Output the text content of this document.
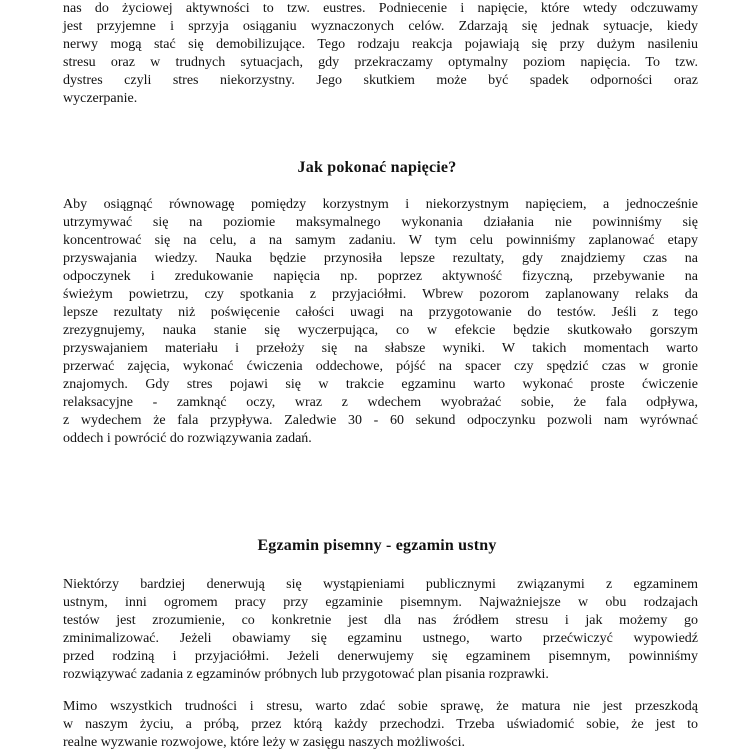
nas do życiowej aktywności to tzw. eustres. Podniecenie i napięcie, które wtedy odczuwamy
jest przyjemne i sprzyja osiąganiu wyznaczonych celów. Zdarzają się jednak sytuacje, kiedy
nerwy mogą stać się demobilizujące. Tego rodzaju reakcja pojawiają się przy dużym nasileniu
stresu oraz w trudnych sytuacjach, gdy przekraczamy optymalny poziom napięcia. To tzw.
dystres czyli stres niekorzystny. Jego skutkiem może być spadek odporności oraz
wyczerpanie.
Jak pokonać napięcie?
Aby osiągnąć równowagę pomiędzy korzystnym i niekorzystnym napięciem, a jednocześnie
utrzymywać się na poziomie maksymalnego wykonania działania nie powinniśmy się
koncentrować się na celu, a na samym zadaniu. W tym celu powinniśmy zaplanować etapy
przyswajania wiedzy. Nauka będzie przynosiła lepsze rezultaty, gdy znajdziemy czas na
odpoczynek i zredukowanie napięcia np. poprzez aktywność fizyczną, przebywanie na
świeżym powietrzu, czy spotkania z przyjaciółmi. Wbrew pozorom zaplanowany relaks da
lepsze rezultaty niż poświęcenie całości uwagi na przygotowanie do testów. Jeśli z tego
zrezygnujemy, nauka stanie się wyczerpująca, co w efekcie będzie skutkowało gorszym
przyswajaniem materiału i przełoży się na słabsze wyniki. W takich momentach warto
przerwać zajęcia, wykonać ćwiczenia oddechowe, pójść na spacer czy spędzić czas w gronie
znajomych. Gdy stres pojawi się w trakcie egzaminu warto wykonać proste ćwiczenie
relaksacyjne - zamknąć oczy, wraz z wdechem wyobrażać sobie, że fala odpływa,
z wydechem że fala przypływa. Zaledwie 30 - 60 sekund odpoczynku pozwoli nam wyrównać
oddech i powrócić do rozwiązywania zadań.
Egzamin pisemny - egzamin ustny
Niektórzy bardziej denerwują się wystąpieniami publicznymi związanymi z egzaminem
ustnym, inni ogromem pracy przy egzaminie pisemnym. Najważniejsze w obu rodzajach
testów jest zrozumienie, co konkretnie jest dla nas źródłem stresu i jak możemy go
zminimalizować. Jeżeli obawiamy się egzaminu ustnego, warto przećwiczyć wypowiedź
przed rodziną i przyjaciółmi. Jeżeli denerwujemy się egzaminem pisemnym, powinniśmy
rozwiązywać zadania z egzaminów próbnych lub przygotować plan pisania rozprawki.
Mimo wszystkich trudności i stresu, warto zdać sobie sprawę, że matura nie jest przeszkodą
w naszym życiu, a próbą, przez którą każdy przechodzi. Trzeba uświadomić sobie, że jest to
realne wyzwanie rozwojowe, które leży w zasięgu naszych możliwości.
